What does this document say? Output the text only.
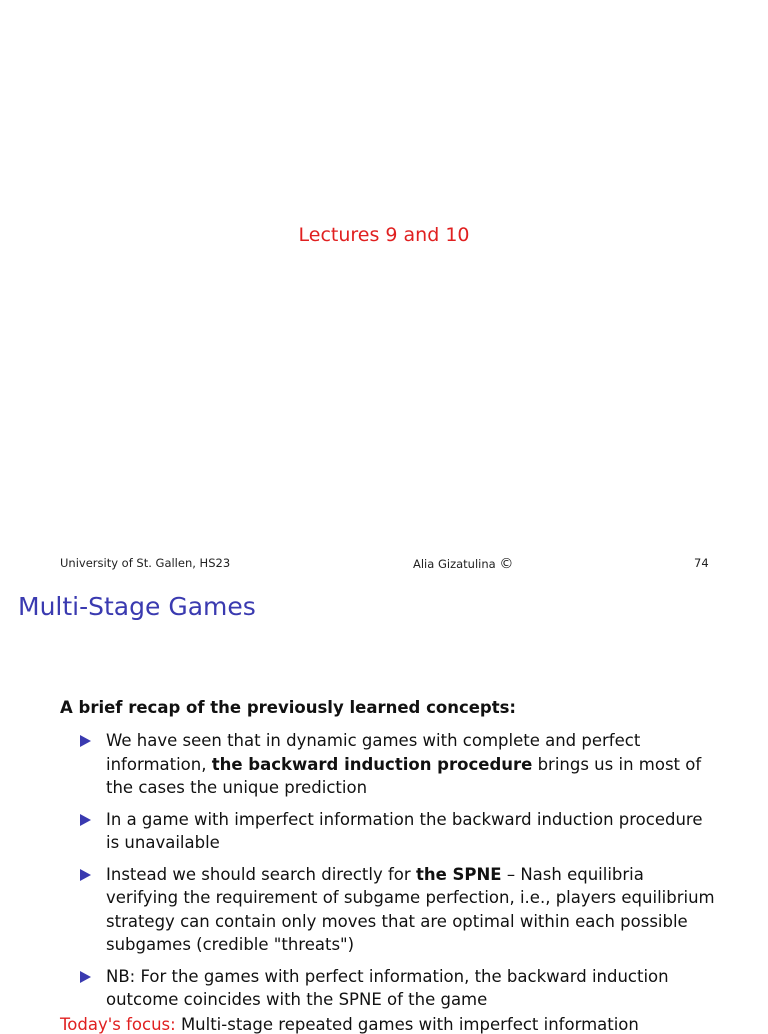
Lectures 9 and 10
University of St. Gallen, HS23	Alia Gizatulina ©	74
Multi-Stage Games
A brief recap of the previously learned concepts:
We have seen that in dynamic games with complete and perfect information, the backward induction procedure brings us in most of the cases the unique prediction
In a game with imperfect information the backward induction procedure is unavailable
Instead we should search directly for the SPNE – Nash equilibria verifying the requirement of subgame perfection, i.e., players equilibrium strategy can contain only moves that are optimal within each possible subgames (credible "threats")
NB: For the games with perfect information, the backward induction outcome coincides with the SPNE of the game
Today's focus: Multi-stage repeated games with imperfect information
